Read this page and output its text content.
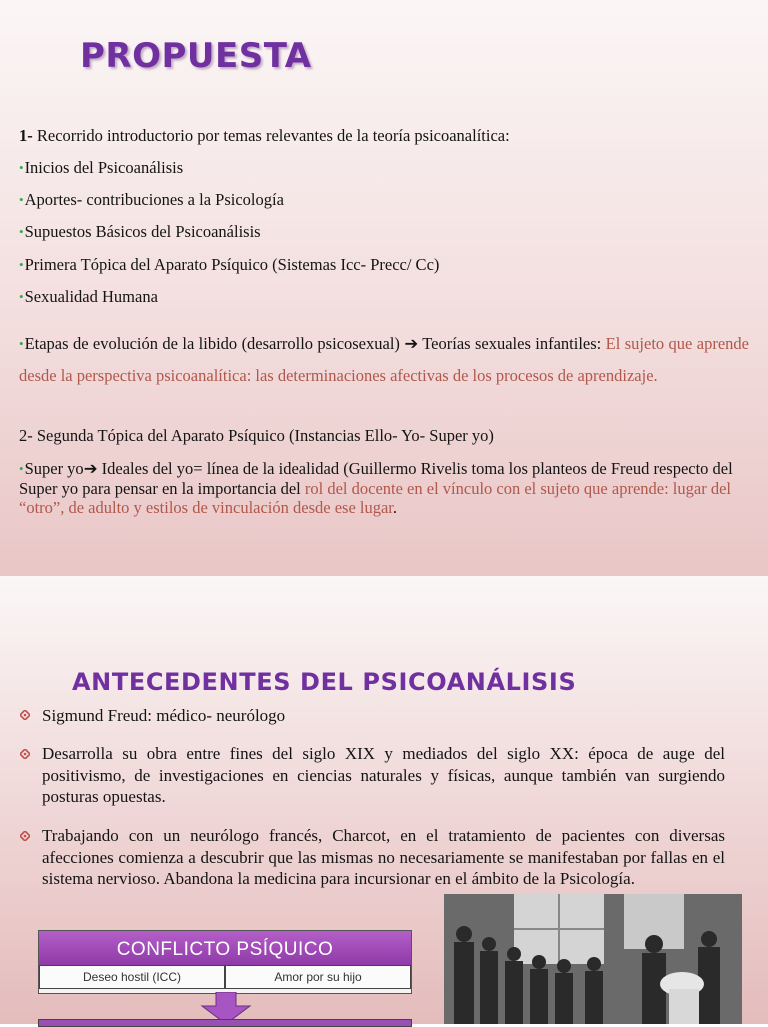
PROPUESTA

1- Recorrido introductorio por temas relevantes de la teoría psicoanalítica:

•Inicios del Psicoanálisis

•Aportes- contribuciones a la Psicología

•Supuestos Básicos del Psicoanálisis

•Primera Tópica del Aparato Psíquico (Sistemas Icc- Precc/ Cc)

•Sexualidad Humana

•Etapas de evolución de la libido (desarrollo psicosexual) ➔ Teorías sexuales infantiles: El sujeto que aprende desde la perspectiva psicoanalítica: las determinaciones afectivas de los procesos de aprendizaje.

2- Segunda Tópica del Aparato Psíquico (Instancias Ello- Yo- Super yo)

•Super yo➔ Ideales del yo= línea de la idealidad (Guillermo Rivelis toma los planteos de Freud respecto del Super yo para pensar en la importancia del rol del docente en el vínculo con el sujeto que aprende: lugar del “otro”, de adulto y estilos de vinculación desde ese lugar.

ANTECEDENTES DEL PSICOANÁLISIS

Sigmund Freud: médico- neurólogo

Desarrolla su obra entre fines del siglo XIX y mediados del siglo XX: época de auge del positivismo, de investigaciones en ciencias naturales y físicas, aunque también van surgiendo posturas opuestas.

Trabajando con un neurólogo francés, Charcot, en el tratamiento de pacientes con diversas afecciones comienza a descubrir que las mismas no necesariamente se manifestaban por fallas en el sistema nervioso. Abandona la medicina para incursionar en el ámbito de la Psicología.

CONFLICTO PSÍQUICO
Deseo hostil (ICC)	Amor por su hijo
